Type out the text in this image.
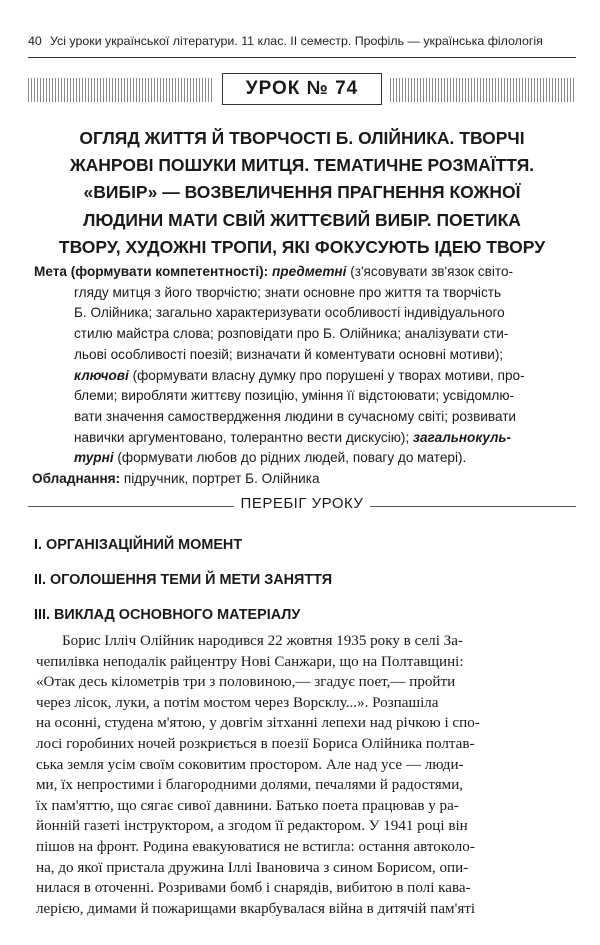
40 Усі уроки української літератури. 11 клас. ІІ семестр. Профіль — українська філологія
УРОК № 74
ОГЛЯД ЖИТТЯ Й ТВОРЧОСТІ Б. ОЛІЙНИКА. ТВОРЧІ
ЖАНРОВІ ПОШУКИ МИТЦЯ. ТЕМАТИЧНЕ РОЗМАЇТТЯ.
«ВИБІР» — ВОЗВЕЛИЧЕННЯ ПРАГНЕННЯ КОЖНОЇ
ЛЮДИНИ МАТИ СВІЙ ЖИТТЄВИЙ ВИБІР. ПОЕТИКА
ТВОРУ, ХУДОЖНІ ТРОПИ, ЯКІ ФОКУСУЮТЬ ІДЕЮ ТВОРУ
Мета (формувати компетентності): предметні (з'ясовувати зв'язок світо-
гляду митця з його творчістю; знати основне про життя та творчість
Б. Олійника; загально характеризувати особливості індивідуального
стилю майстра слова; розповідати про Б. Олійника; аналізувати сти-
льові особливості поезій; визначати й коментувати основні мотиви);
ключові (формувати власну думку про порушені у творах мотиви, про-
блеми; виробляти життєву позицію, уміння її відстоювати; усвідомлю-
вати значення самоствердження людини в сучасному світі; розвивати
навички аргументовано, толерантно вести дискусію); загальнокуль-
турні (формувати любов до рідних людей, повагу до матері).
Обладнання: підручник, портрет Б. Олійника
ПЕРЕБІГ УРОКУ
І. ОРГАНІЗАЦІЙНИЙ МОМЕНТ
ІІ. ОГОЛОШЕННЯ ТЕМИ Й МЕТИ ЗАНЯТТЯ
ІІІ. ВИКЛАД ОСНОВНОГО МАТЕРІАЛУ
Борис Ілліч Олійник народився 22 жовтня 1935 року в селі За-
чепилівка неподалік райцентру Нові Санжари, що на Полтавщині:
«Отак десь кілометрів три з половиною,— згадує поет,— пройти
через лісок, луки, а потім мостом через Ворсклу...». Розпашіла
на осонні, студена м'ятою, у довгім зітханні лепехи над річкою і спо-
лосі горобиних ночей розкриється в поезії Бориса Олійника полтав-
ська земля усім своїм соковитим простором. Але над усе — люди-
ми, їх непростими і благородними долями, печалями й радостями,
їх пам'яттю, що сягає сивої давнини. Батько поета працював у ра-
йонній газеті інструктором, а згодом її редактором. У 1941 році він
пішов на фронт. Родина евакуюватися не встигла: остання автоколо-
на, до якої пристала дружина Іллі Івановича з сином Борисом, опи-
нилася в оточенні. Розривами бомб і снарядів, вибитою в полі кава-
лерією, димами й пожарищами вкарбувалася війна в дитячій пам'яті
